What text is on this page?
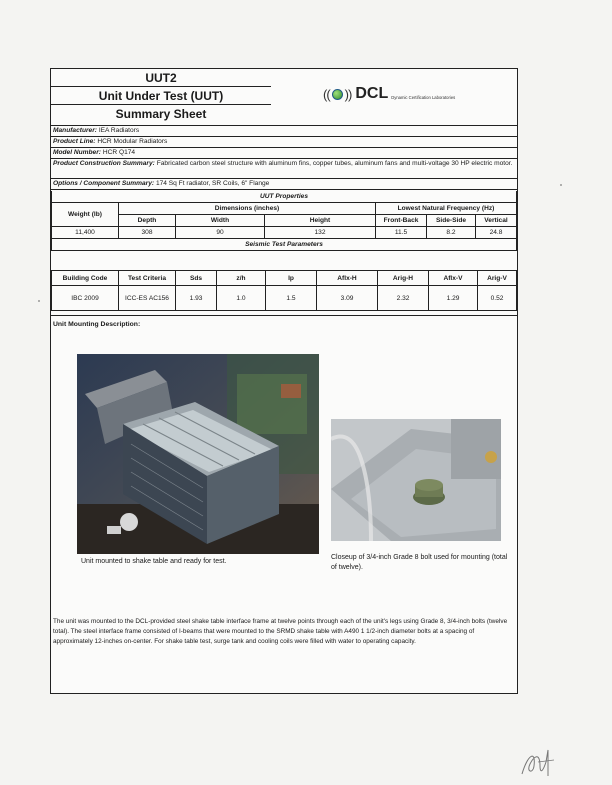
UUT2
Unit Under Test (UUT)
Summary Sheet
(( )) DCL Dynamic Certification Laboratories
Manufacturer: IEA Radiators
Product Line: HCR Modular Radiators
Model Number: HCR Q174
Product Construction Summary: Fabricated carbon steel structure with aluminum fins, copper tubes, aluminum fans and multi-voltage 30 HP electric motor.
Options / Component Summary: 174 Sq Ft radiator, SR Coils, 6" Flange
UUT Properties						
Weight (lb)	Dimensions (inches)			Lowest Natural Frequency (Hz)		
	Depth	Width	Height	Front-Back	Side-Side	Vertical
11,400	308	90	132	11.5	8.2	24.8
Seismic Test Parameters						
Building Code	Test Criteria	Sds	z/h	Ip	Aflx-H	Arig-H	Aflx-V	Arig-V
IBC 2009	ICC-ES AC156	1.93	1.0	1.5	3.09	2.32	1.29	0.52
Unit Mounting Description:
Unit mounted to shake table and ready for test.
Closeup of 3/4-inch Grade 8 bolt used for mounting (total of twelve).
The unit was mounted to the DCL-provided steel shake table interface frame at twelve points through each of the unit's legs using Grade 8, 3/4-inch bolts (twelve total). The steel interface frame consisted of I-beams that were mounted to the SRMD shake table with A490 1 1/2-inch diameter bolts at a spacing of approximately 12-inches on-center. For shake table test, surge tank and cooling coils were filled with water to operating capacity.
